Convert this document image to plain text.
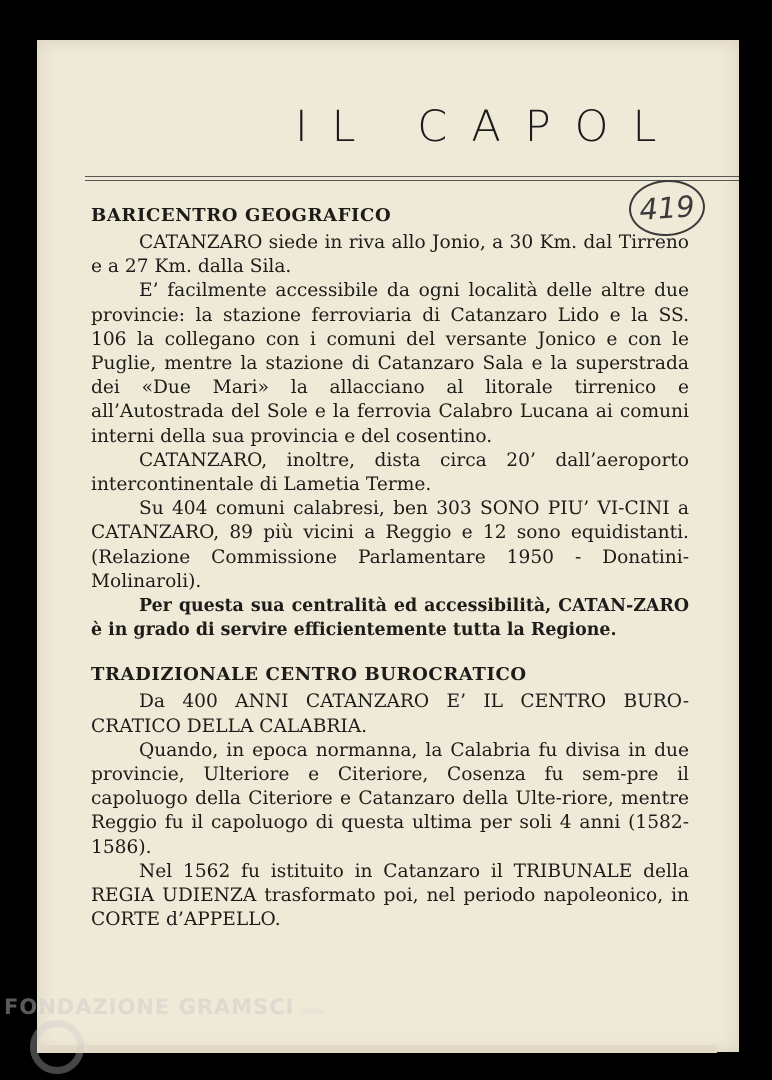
IL CAPOL
419
BARICENTRO GEOGRAFICO

CATANZARO siede in riva allo Jonio, a 30 Km. dal Tirreno e a 27 Km. dalla Sila.

E’ facilmente accessibile da ogni località delle altre due provincie: la stazione ferroviaria di Catanzaro Lido e la SS. 106 la collegano con i comuni del versante Jonico e con le Puglie, mentre la stazione di Catanzaro Sala e la superstrada dei «Due Mari» la allacciano al litorale tirrenico e all’Autostrada del Sole e la ferrovia Calabro Lucana ai comuni interni della sua provincia e del cosentino.

CATANZARO, inoltre, dista circa 20’ dall’aeroporto intercontinentale di Lametia Terme.

Su 404 comuni calabresi, ben 303 SONO PIU’ VI-CINI a CATANZARO, 89 più vicini a Reggio e 12 sono equidistanti. (Relazione Commissione Parlamentare 1950 - Donatini-Molinaroli).

Per questa sua centralità ed accessibilità, CATAN-ZARO è in grado di servire efficientemente tutta la Regione.

TRADIZIONALE CENTRO BUROCRATICO

Da 400 ANNI CATANZARO E’ IL CENTRO BURO-CRATICO DELLA CALABRIA.

Quando, in epoca normanna, la Calabria fu divisa in due provincie, Ulteriore e Citeriore, Cosenza fu sem-pre il capoluogo della Citeriore e Catanzaro della Ulte-riore, mentre Reggio fu il capoluogo di questa ultima per soli 4 anni (1582-1586).

Nel 1562 fu istituito in Catanzaro il TRIBUNALE della REGIA UDIENZA trasformato poi, nel periodo napoleonico, in CORTE d’APPELLO.

FONDAZIONE GRAMSCI onlus
